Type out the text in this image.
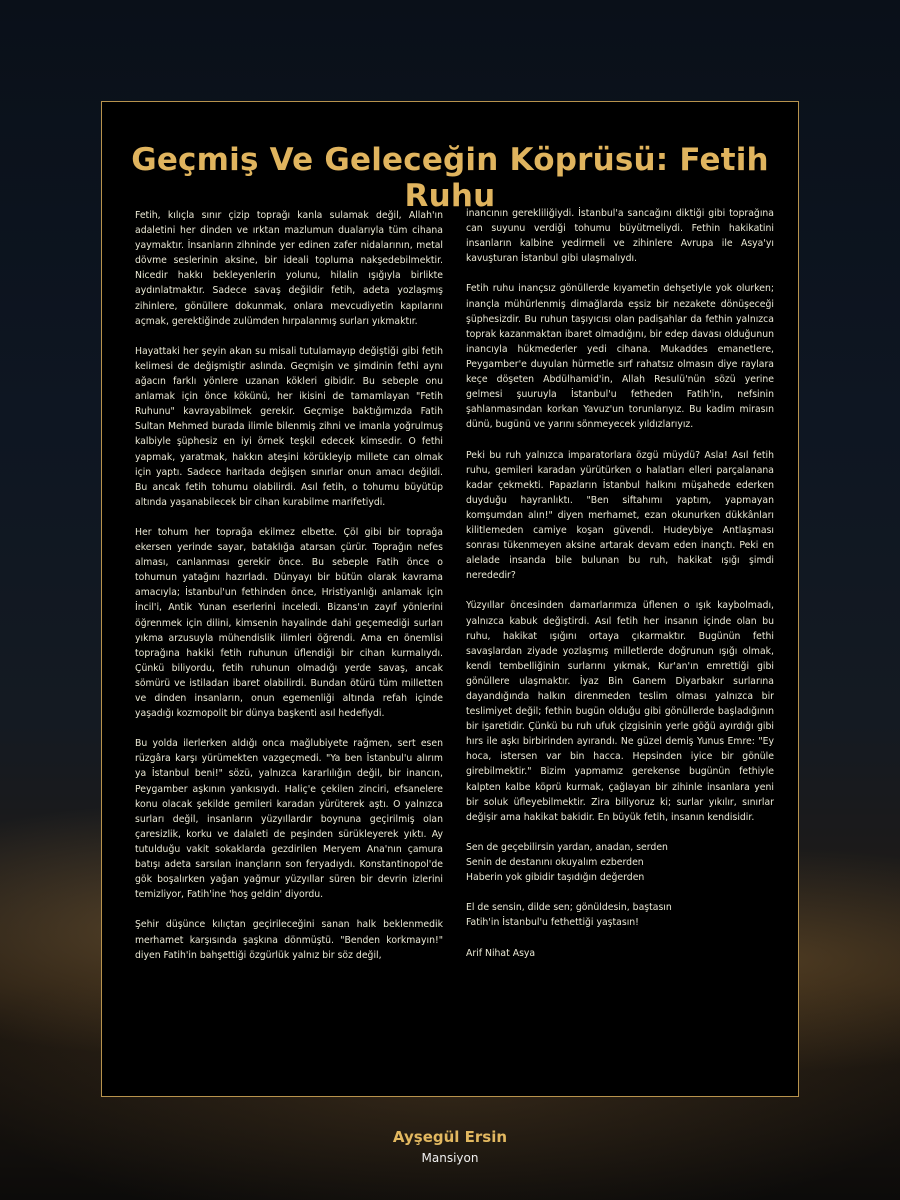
Geçmiş Ve Geleceğin Köprüsü: Fetih Ruhu

Fetih, kılıçla sınır çizip toprağı kanla sulamak değil, Allah'ın adaletini her dinden ve ırktan mazlumun dualarıyla tüm cihana yaymaktır. İnsanların zihninde yer edinen zafer nidalarının, metal dövme seslerinin aksine, bir ideali topluma nakşedebilmektir. Nicedir hakkı bekleyenlerin yolunu, hilalin ışığıyla birlikte aydınlatmaktır. Sadece savaş değildir fetih, adeta yozlaşmış zihinlere, gönüllere dokunmak, onlara mevcudiyetin kapılarını açmak, gerektiğinde zulümden hırpalanmış surları yıkmaktır.

Hayattaki her şeyin akan su misali tutulamayıp değiştiği gibi fetih kelimesi de değişmiştir aslında. Geçmişin ve şimdinin fethi aynı ağacın farklı yönlere uzanan kökleri gibidir. Bu sebeple onu anlamak için önce kökünü, her ikisini de tamamlayan "Fetih Ruhunu" kavrayabilmek gerekir. Geçmişe baktığımızda Fatih Sultan Mehmed burada ilimle bilenmiş zihni ve imanla yoğrulmuş kalbiyle şüphesiz en iyi örnek teşkil edecek kimsedir. O fethi yapmak, yaratmak, hakkın ateşini körükleyip millete can olmak için yaptı. Sadece haritada değişen sınırlar onun amacı değildi. Bu ancak fetih tohumu olabilirdi. Asıl fetih, o tohumu büyütüp altında yaşanabilecek bir cihan kurabilme marifetiydi.

Her tohum her toprağa ekilmez elbette. Çöl gibi bir toprağa ekersen yerinde sayar, bataklığa atarsan çürür. Toprağın nefes alması, canlanması gerekir önce. Bu sebeple Fatih önce o tohumun yatağını hazırladı. Dünyayı bir bütün olarak kavrama amacıyla; İstanbul'un fethinden önce, Hristiyanlığı anlamak için İncil'i, Antik Yunan eserlerini inceledi. Bizans'ın zayıf yönlerini öğrenmek için dilini, kimsenin hayalinde dahi geçemediği surları yıkma arzusuyla mühendislik ilimleri öğrendi. Ama en önemlisi toprağına hakiki fetih ruhunun üflendiği bir cihan kurmalıydı. Çünkü biliyordu, fetih ruhunun olmadığı yerde savaş, ancak sömürü ve istiladan ibaret olabilirdi. Bundan ötürü tüm milletten ve dinden insanların, onun egemenliği altında refah içinde yaşadığı kozmopolit bir dünya başkenti asıl hedefiydi.

Bu yolda ilerlerken aldığı onca mağlubiyete rağmen, sert esen rüzgâra karşı yürümekten vazgeçmedi. "Ya ben İstanbul'u alırım ya İstanbul beni!" sözü, yalnızca kararlılığın değil, bir inancın, Peygamber aşkının yankısıydı. Haliç'e çekilen zinciri, efsanelere konu olacak şekilde gemileri karadan yürüterek aştı. O yalnızca surları değil, insanların yüzyıllardır boynuna geçirilmiş olan çaresizlik, korku ve dalaleti de peşinden sürükleyerek yıktı. Ay tutulduğu vakit sokaklarda gezdirilen Meryem Ana'nın çamura batışı adeta sarsılan inançların son feryadıydı. Konstantinopol'de gök boşalırken yağan yağmur yüzyıllar süren bir devrin izlerini temizliyor, Fatih'ine 'hoş geldin' diyordu.

Şehir düşünce kılıçtan geçirileceğini sanan halk beklenmedik merhamet karşısında şaşkına dönmüştü. "Benden korkmayın!" diyen Fatih'in bahşettiği özgürlük yalnız bir söz değil,

inancının gerekliliğiydi. İstanbul'a sancağını diktiği gibi toprağına can suyunu verdiği tohumu büyütmeliydi. Fethin hakikatini insanların kalbine yedirmeli ve zihinlere Avrupa ile Asya'yı kavuşturan İstanbul gibi ulaşmalıydı.

Fetih ruhu inançsız gönüllerde kıyametin dehşetiyle yok olurken; inançla mühürlenmiş dimağlarda eşsiz bir nezakete dönüşeceği şüphesizdir. Bu ruhun taşıyıcısı olan padişahlar da fethin yalnızca toprak kazanmaktan ibaret olmadığını, bir edep davası olduğunun inancıyla hükmederler yedi cihana. Mukaddes emanetlere, Peygamber'e duyulan hürmetle sırf rahatsız olmasın diye raylara keçe döşeten Abdülhamid'in, Allah Resulü'nün sözü yerine gelmesi şuuruyla İstanbul'u fetheden Fatih'in, nefsinin şahlanmasından korkan Yavuz'un torunlarıyız. Bu kadim mirasın dünü, bugünü ve yarını sönmeyecek yıldızlarıyız.

Peki bu ruh yalnızca imparatorlara özgü müydü? Asla! Asıl fetih ruhu, gemileri karadan yürütürken o halatları elleri parçalanana kadar çekmekti. Papazların İstanbul halkını müşahede ederken duyduğu hayranlıktı. "Ben siftahımı yaptım, yapmayan komşumdan alın!" diyen merhamet, ezan okunurken dükkânları kilitlemeden camiye koşan güvendi. Hudeybiye Antlaşması sonrası tükenmeyen aksine artarak devam eden inançtı. Peki en alelade insanda bile bulunan bu ruh, hakikat ışığı şimdi nerededir?

Yüzyıllar öncesinden damarlarımıza üflenen o ışık kaybolmadı, yalnızca kabuk değiştirdi. Asıl fetih her insanın içinde olan bu ruhu, hakikat ışığını ortaya çıkarmaktır. Bugünün fethi savaşlardan ziyade yozlaşmış milletlerde doğrunun ışığı olmak, kendi tembelliğinin surlarını yıkmak, Kur'an'ın emrettiği gibi gönüllere ulaşmaktır. İyaz Bin Ganem Diyarbakır surlarına dayandığında halkın direnmeden teslim olması yalnızca bir teslimiyet değil; fethin bugün olduğu gibi gönüllerde başladığının bir işaretidir. Çünkü bu ruh ufuk çizgisinin yerle göğü ayırdığı gibi hırs ile aşkı birbirinden ayırandı. Ne güzel demiş Yunus Emre: "Ey hoca, istersen var bin hacca. Hepsinden iyice bir gönüle girebilmektir." Bizim yapmamız gerekense bugünün fethiyle kalpten kalbe köprü kurmak, çağlayan bir zihinle insanlara yeni bir soluk üfleyebilmektir. Zira biliyoruz ki; surlar yıkılır, sınırlar değişir ama hakikat bakidir. En büyük fetih, insanın kendisidir.

Sen de geçebilirsin yardan, anadan, serden
Senin de destanını okuyalım ezberden
Haberin yok gibidir taşıdığın değerden

El de sensin, dilde sen; gönüldesin, baştasın
Fatih'in İstanbul'u fethettiği yaştasın!

Arif Nihat Asya

Ayşegül Ersin
Mansiyon
